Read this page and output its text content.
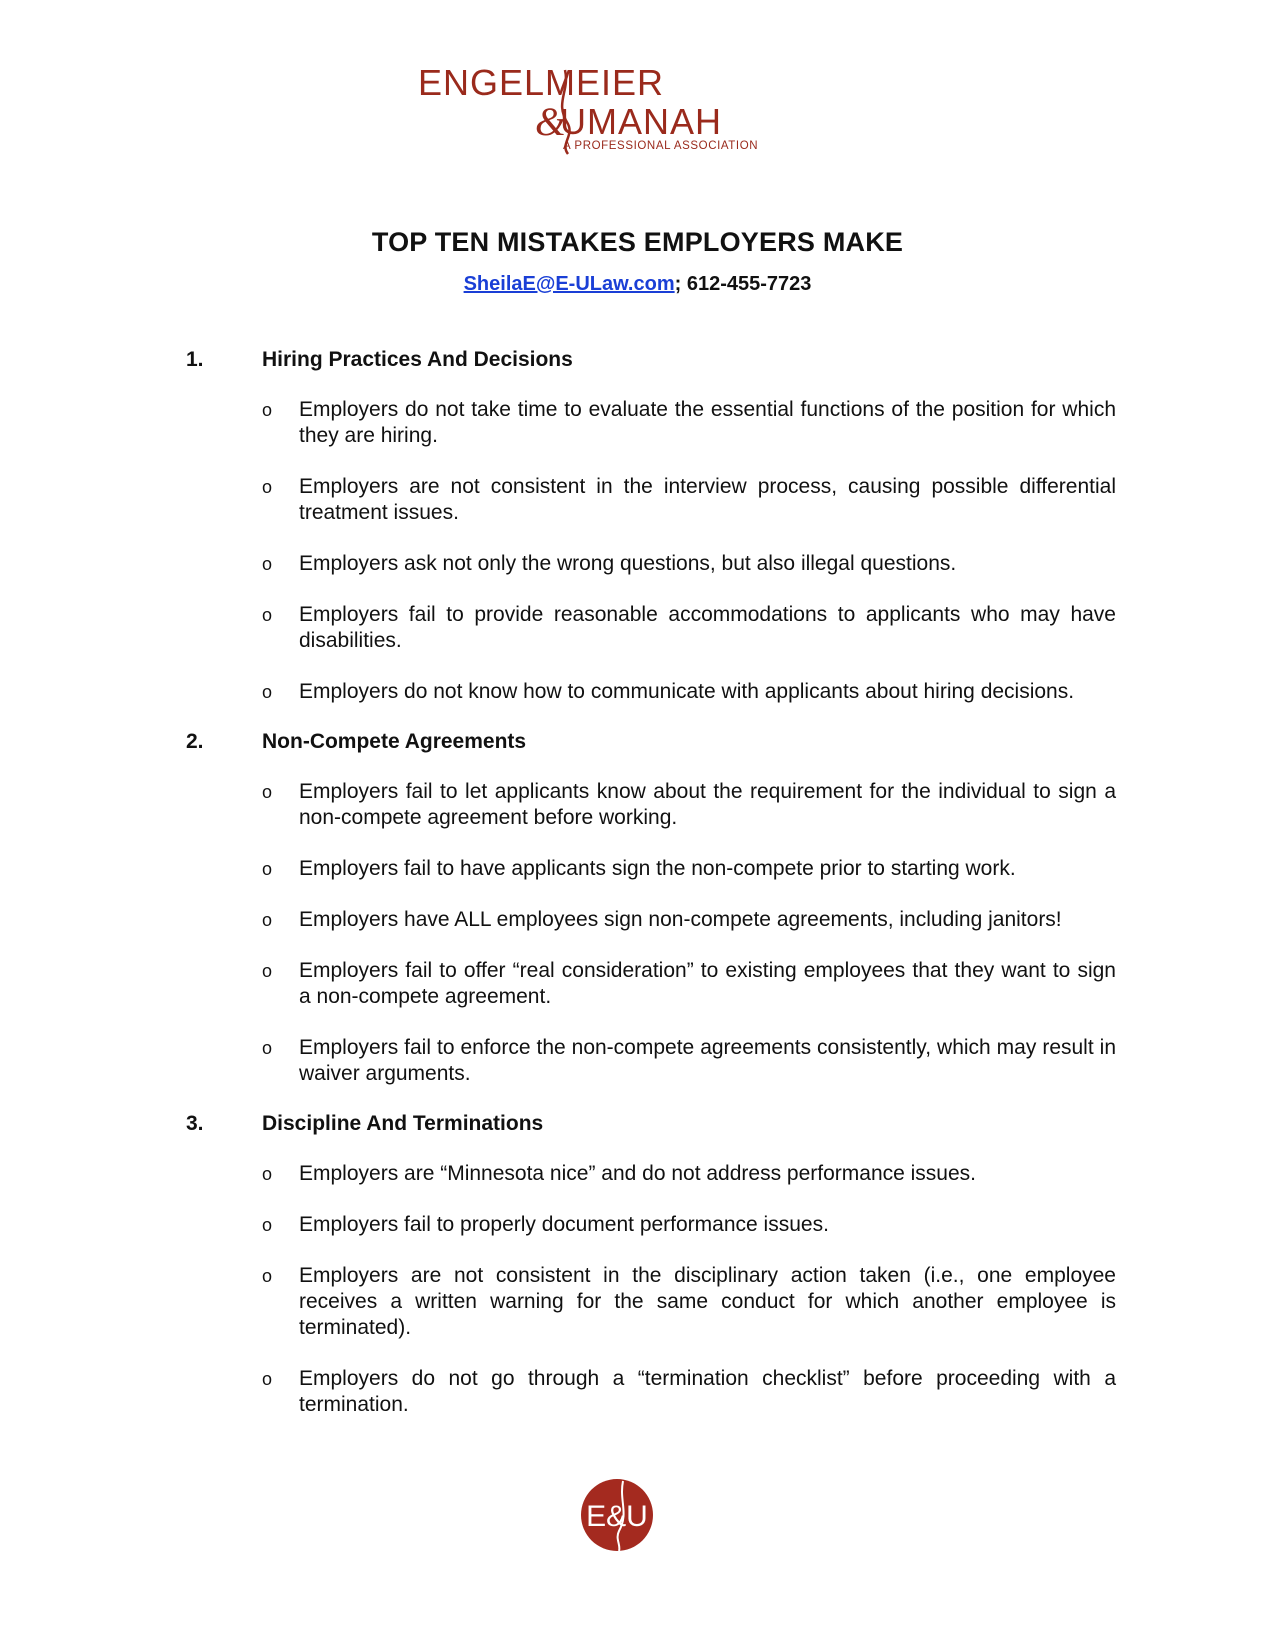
ENGELMEIER
&
UMANAH
A PROFESSIONAL ASSOCIATION
TOP TEN MISTAKES EMPLOYERS MAKE
SheilaE@E-ULaw.com; 612-455-7723
1.	Hiring Practices And Decisions
o	Employers do not take time to evaluate the essential functions of the position for which they are hiring.
o	Employers are not consistent in the interview process, causing possible differential treatment issues.
o	Employers ask not only the wrong questions, but also illegal questions.
o	Employers fail to provide reasonable accommodations to applicants who may have disabilities.
o	Employers do not know how to communicate with applicants about hiring decisions.
2.	Non-Compete Agreements
o	Employers fail to let applicants know about the requirement for the individual to sign a non-compete agreement before working.
o	Employers fail to have applicants sign the non-compete prior to starting work.
o	Employers have ALL employees sign non-compete agreements, including janitors!
o	Employers fail to offer “real consideration” to existing employees that they want to sign a non-compete agreement.
o	Employers fail to enforce the non-compete agreements consistently, which may result in waiver arguments.
3.	Discipline And Terminations
o	Employers are “Minnesota nice” and do not address performance issues.
o	Employers fail to properly document performance issues.
o	Employers are not consistent in the disciplinary action taken (i.e., one employee receives a written warning for the same conduct for which another employee is terminated).
o	Employers do not go through a “termination checklist” before proceeding with a termination.
E&U
